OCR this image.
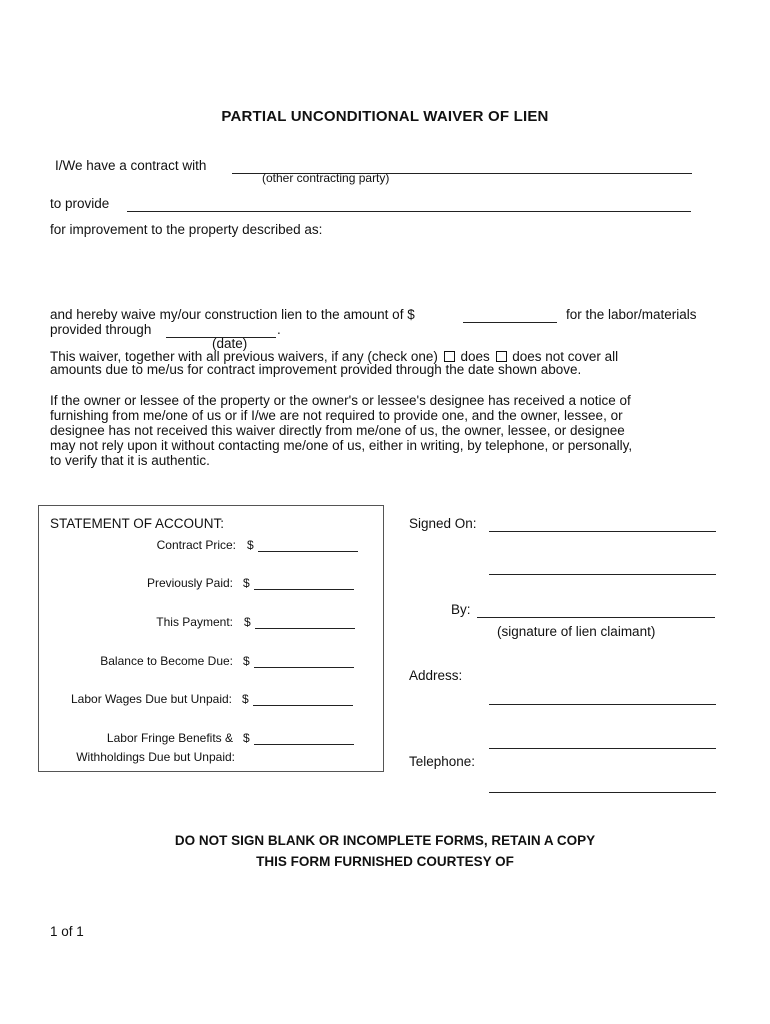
PARTIAL UNCONDITIONAL WAIVER OF LIEN
I/We have a contract with
(other contracting party)
to provide
for improvement to the property described as:
and hereby waive my/our construction lien to the amount of $	for the labor/materials
provided through	.
(date)
This waiver, together with all previous waivers, if any (check one) does does not cover all
amounts due to me/us for contract improvement provided through the date shown above.
If the owner or lessee of the property or the owner's or lessee's designee has received a notice of
furnishing from me/one of us or if I/we are not required to provide one, and the owner, lessee, or
designee has not received this waiver directly from me/one of us, the owner, lessee, or designee
may not rely upon it without contacting me/one of us, either in writing, by telephone, or personally,
to verify that it is authentic.
STATEMENT OF ACCOUNT:
Contract Price: $
Previously Paid: $
This Payment: $
Balance to Become Due: $
Labor Wages Due but Unpaid: $
Labor Fringe Benefits & $
Withholdings Due but Unpaid:
Signed On:
By:
(signature of lien claimant)
Address:
Telephone:
DO NOT SIGN BLANK OR INCOMPLETE FORMS, RETAIN A COPY
THIS FORM FURNISHED COURTESY OF
1 of 1
